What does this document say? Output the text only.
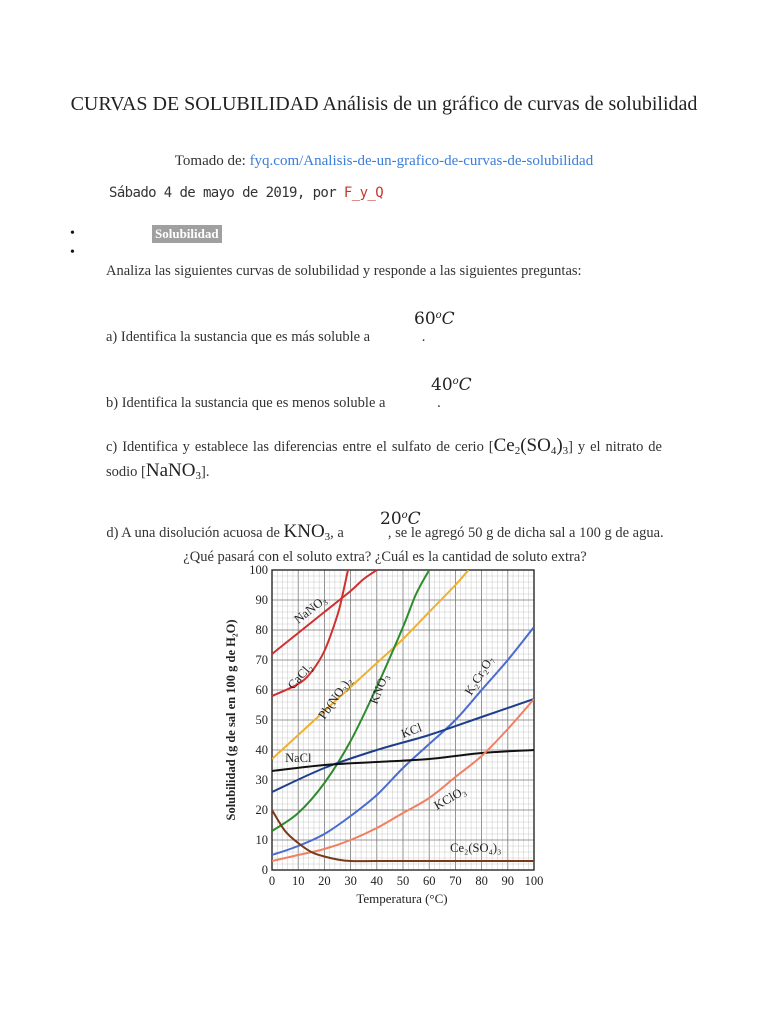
CURVAS DE SOLUBILIDAD Análisis de un gráfico de curvas de solubilidad
Tomado de: fyq.com/Analisis-de-un-grafico-de-curvas-de-solubilidad
Sábado 4 de mayo de 2019, por F_y_Q
•	Solubilidad
•
Analiza las siguientes curvas de solubilidad y responde a las siguientes preguntas:
a) Identifica la sustancia que es más soluble a	.
60$^o$C
b) Identifica la sustancia que es menos soluble a	.
40$^o$C
c) Identifica y establece las diferencias entre el sulfato de cerio $[Ce_2(SO_4)_3]$ y el nitrato de sodio [NaNO$_3$].
20$^o$C
d) A una disolución acuosa de $KNO_3$, a	, se le agregó 50 g de dicha sal a 100 g de agua. ¿Qué pasará con el soluto extra? ¿Cuál es la cantidad de soluto extra?
0 10 20 30 40 50 60 70 80 90 100
0
10
20
30
40
50
60
70
80
90
100
NaNO₃
CaCl₂ Pb(NO₃)₂ KNO₃	K₂Cr₂O₇
KCl
NaCl
KClO₃
Ce₂(SO₄)₃
Temperatura (°C)
Solubilidad (g de sal en 100 g de H₂O)
